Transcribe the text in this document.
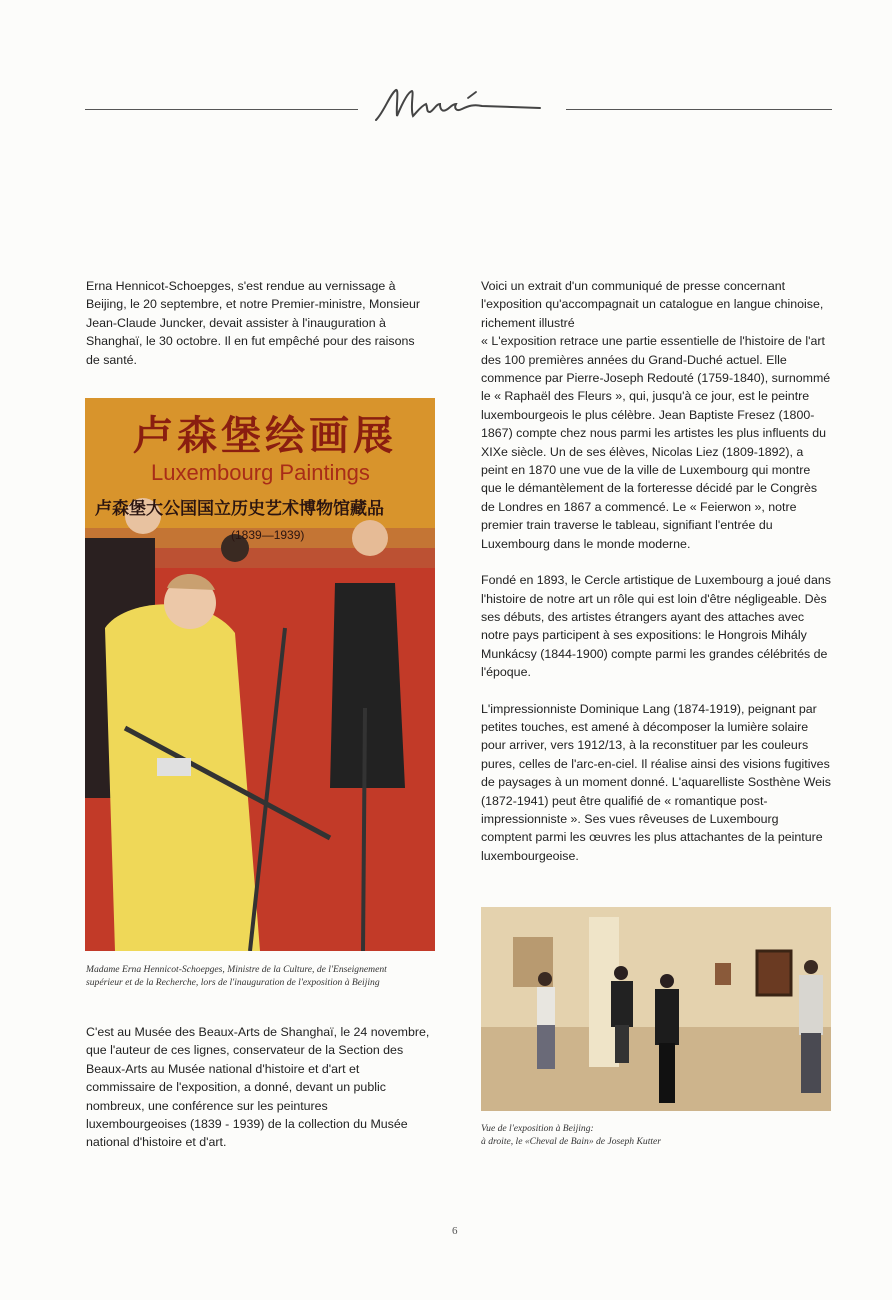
Erna Hennicot-Schoepges, s'est rendue au vernissage à Beijing, le 20 septembre, et notre Premier-ministre, Monsieur Jean-Claude Juncker, devait assister à l'inauguration à Shanghaï, le 30 octobre. Il en fut empêché pour des raisons de santé.

卢森堡绘画展
Luxembourg Paintings
卢森堡大公国国立历史艺术博物馆藏品
(1839—1939)
Madame Erna Hennicot-Schoepges, Ministre de la Culture, de l'Enseignement
supérieur et de la Recherche, lors de l'inauguration de l'exposition à Beijing

C'est au Musée des Beaux-Arts de Shanghaï, le 24 novembre, que l'auteur de ces lignes, conservateur de la Section des Beaux-Arts au Musée national d'histoire et d'art et commissaire de l'exposition, a donné, devant un public nombreux, une conférence sur les peintures luxembourgeoises (1839 - 1939) de la collection du Musée national d'histoire et d'art.

Voici un extrait d'un communiqué de presse concernant l'exposition qu'accompagnait un catalogue en langue chinoise, richement illustré

« L'exposition retrace une partie essentielle de l'histoire de l'art des 100 premières années du Grand-Duché actuel. Elle commence par Pierre-Joseph Redouté (1759-1840), surnommé le « Raphaël des Fleurs », qui, jusqu'à ce jour, est le peintre luxembourgeois le plus célèbre. Jean Baptiste Fresez (1800-1867) compte chez nous parmi les artistes les plus influents du XIXe siècle. Un de ses élèves, Nicolas Liez (1809-1892), a peint en 1870 une vue de la ville de Luxembourg qui montre que le démantèlement de la forteresse décidé par le Congrès de Londres en 1867 a commencé. Le « Feierwon », notre premier train traverse le tableau, signifiant l'entrée du Luxembourg dans le monde moderne.

Fondé en 1893, le Cercle artistique de Luxembourg a joué dans l'histoire de notre art un rôle qui est loin d'être négligeable. Dès ses débuts, des artistes étrangers ayant des attaches avec notre pays participent à ses expositions: le Hongrois Mihály Munkácsy (1844-1900) compte parmi les grandes célébrités de l'époque.

L'impressionniste Dominique Lang (1874-1919), peignant par petites touches, est amené à décomposer la lumière solaire pour arriver, vers 1912/13, à la reconstituer par les couleurs pures, celles de l'arc-en-ciel. Il réalise ainsi des visions fugitives de paysages à un moment donné. L'aquarelliste Sosthène Weis (1872-1941) peut être qualifié de « romantique post-impressionniste ». Ses vues rêveuses de Luxembourg comptent parmi les œuvres les plus attachantes de la peinture luxembourgeoise.

Vue de l'exposition à Beijing:
à droite, le «Cheval de Bain» de Joseph Kutter
6
